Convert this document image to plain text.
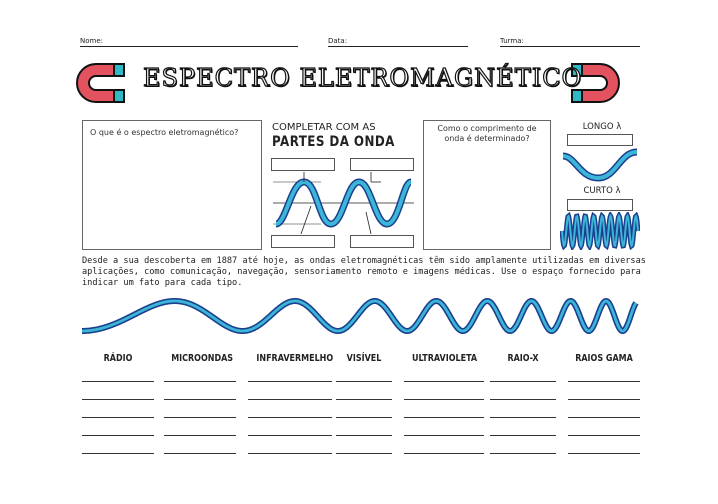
Nome:	Data:	Turma:
ESPECTRO ELETROMAGNÉTICO
O que é o espectro eletromagnético?	COMPLETAR COM AS
PARTES DA ONDA
Como o comprimento de onda é determinado?
LONGO λ
CURTO λ
Desde a sua descoberta em 1887 até hoje, as ondas eletromagnéticas têm sido amplamente utilizadas em diversas aplicações, como comunicação, navegação, sensoriamento remoto e imagens médicas. Use o espaço fornecido para indicar um fato para cada tipo.
RÁDIO	MICROONDAS INFRAVERMELHO	VISÍVEL	ULTRAVIOLETA	RAIO-X	RAIOS GAMA
